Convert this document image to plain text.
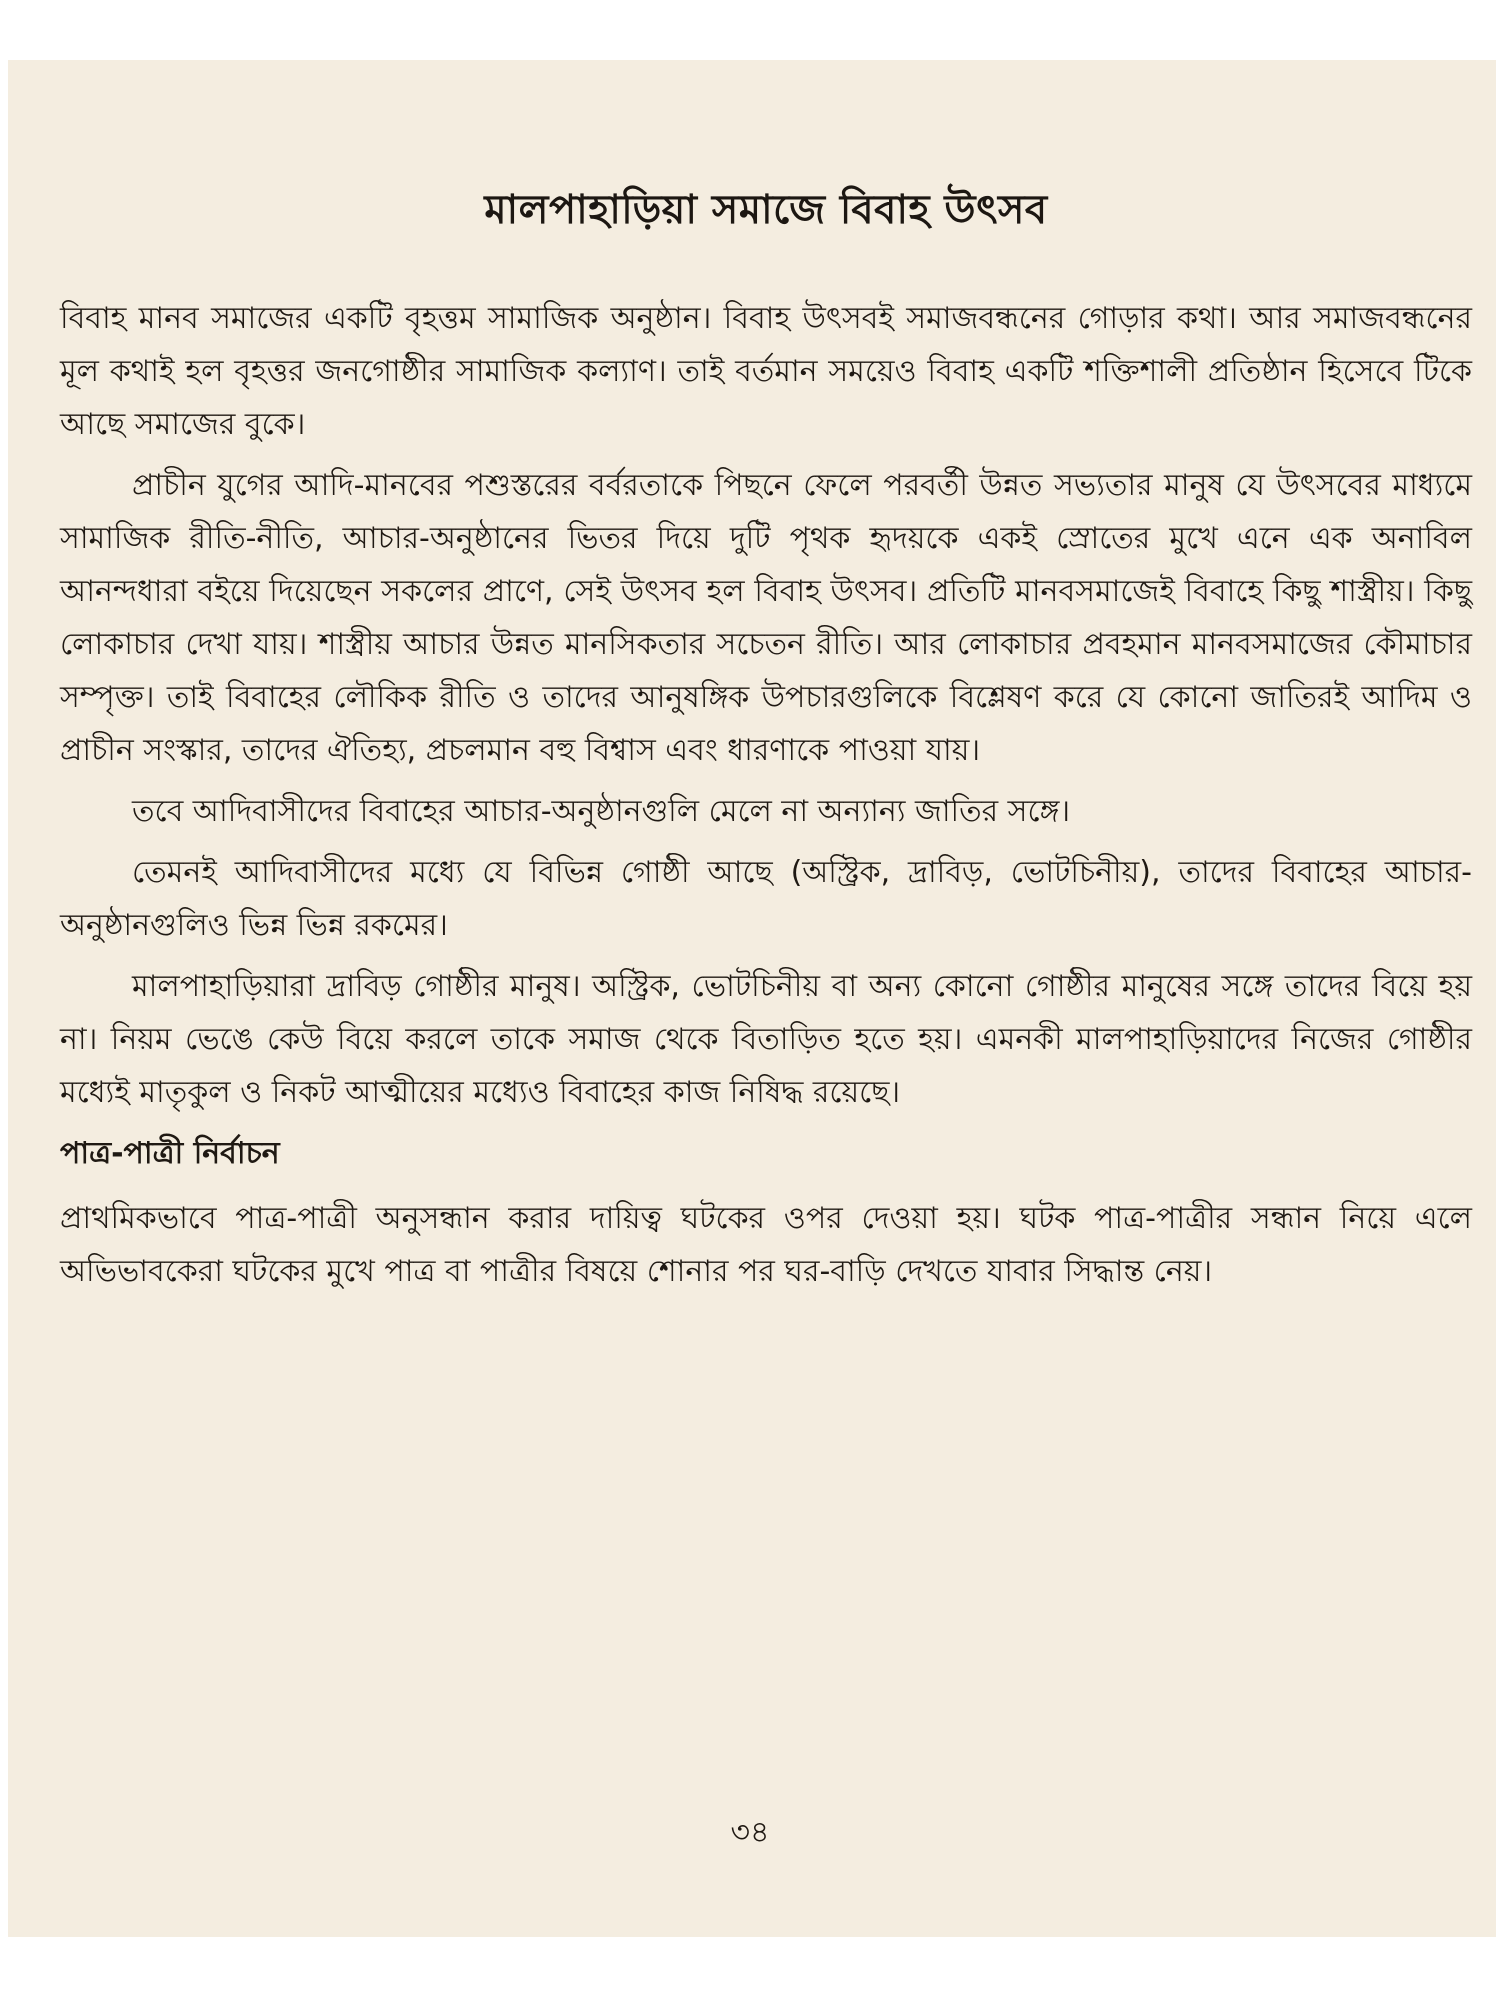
মালপাহাড়িয়া সমাজে বিবাহ উৎসব

বিবাহ মানব সমাজের একটি বৃহত্তম সামাজিক অনুষ্ঠান। বিবাহ উৎসবই সমাজবন্ধনের গোড়ার কথা। আর সমাজবন্ধনের মূল কথাই হল বৃহত্তর জনগোষ্ঠীর সামাজিক কল্যাণ। তাই বর্তমান সময়েও বিবাহ একটি শক্তিশালী প্রতিষ্ঠান হিসেবে টিকে আছে সমাজের বুকে।

প্রাচীন যুগের আদি-মানবের পশুস্তরের বর্বরতাকে পিছনে ফেলে পরবর্তী উন্নত সভ্যতার মানুষ যে উৎসবের মাধ্যমে সামাজিক রীতি-নীতি, আচার-অনুষ্ঠানের ভিতর দিয়ে দুটি পৃথক হৃদয়কে একই স্রোতের মুখে এনে এক অনাবিল আনন্দধারা বইয়ে দিয়েছেন সকলের প্রাণে, সেই উৎসব হল বিবাহ উৎসব। প্রতিটি মানবসমাজেই বিবাহে কিছু শাস্ত্রীয়। কিছু লোকাচার দেখা যায়। শাস্ত্রীয় আচার উন্নত মানসিকতার সচেতন রীতি। আর লোকাচার প্রবহমান মানবসমাজের কৌমাচার সম্পৃক্ত। তাই বিবাহের লৌকিক রীতি ও তাদের আনুষঙ্গিক উপচারগুলিকে বিশ্লেষণ করে যে কোনো জাতিরই আদিম ও প্রাচীন সংস্কার, তাদের ঐতিহ্য, প্রচলমান বহু বিশ্বাস এবং ধারণাকে পাওয়া যায়।

তবে আদিবাসীদের বিবাহের আচার-অনুষ্ঠানগুলি মেলে না অন্যান্য জাতির সঙ্গে।

তেমনই আদিবাসীদের মধ্যে যে বিভিন্ন গোষ্ঠী আছে (অস্ট্রিক, দ্রাবিড়, ভোটচিনীয়), তাদের বিবাহের আচার-অনুষ্ঠানগুলিও ভিন্ন ভিন্ন রকমের।

মালপাহাড়িয়ারা দ্রাবিড় গোষ্ঠীর মানুষ। অস্ট্রিক, ভোটচিনীয় বা অন্য কোনো গোষ্ঠীর মানুষের সঙ্গে তাদের বিয়ে হয় না। নিয়ম ভেঙে কেউ বিয়ে করলে তাকে সমাজ থেকে বিতাড়িত হতে হয়। এমনকী মালপাহাড়িয়াদের নিজের গোষ্ঠীর মধ্যেই মাতৃকুল ও নিকট আত্মীয়ের মধ্যেও বিবাহের কাজ নিষিদ্ধ রয়েছে।

পাত্র-পাত্রী নির্বাচন

প্রাথমিকভাবে পাত্র-পাত্রী অনুসন্ধান করার দায়িত্ব ঘটকের ওপর দেওয়া হয়। ঘটক পাত্র-পাত্রীর সন্ধান নিয়ে এলে অভিভাবকেরা ঘটকের মুখে পাত্র বা পাত্রীর বিষয়ে শোনার পর ঘর-বাড়ি দেখতে যাবার সিদ্ধান্ত নেয়।

৩৪
